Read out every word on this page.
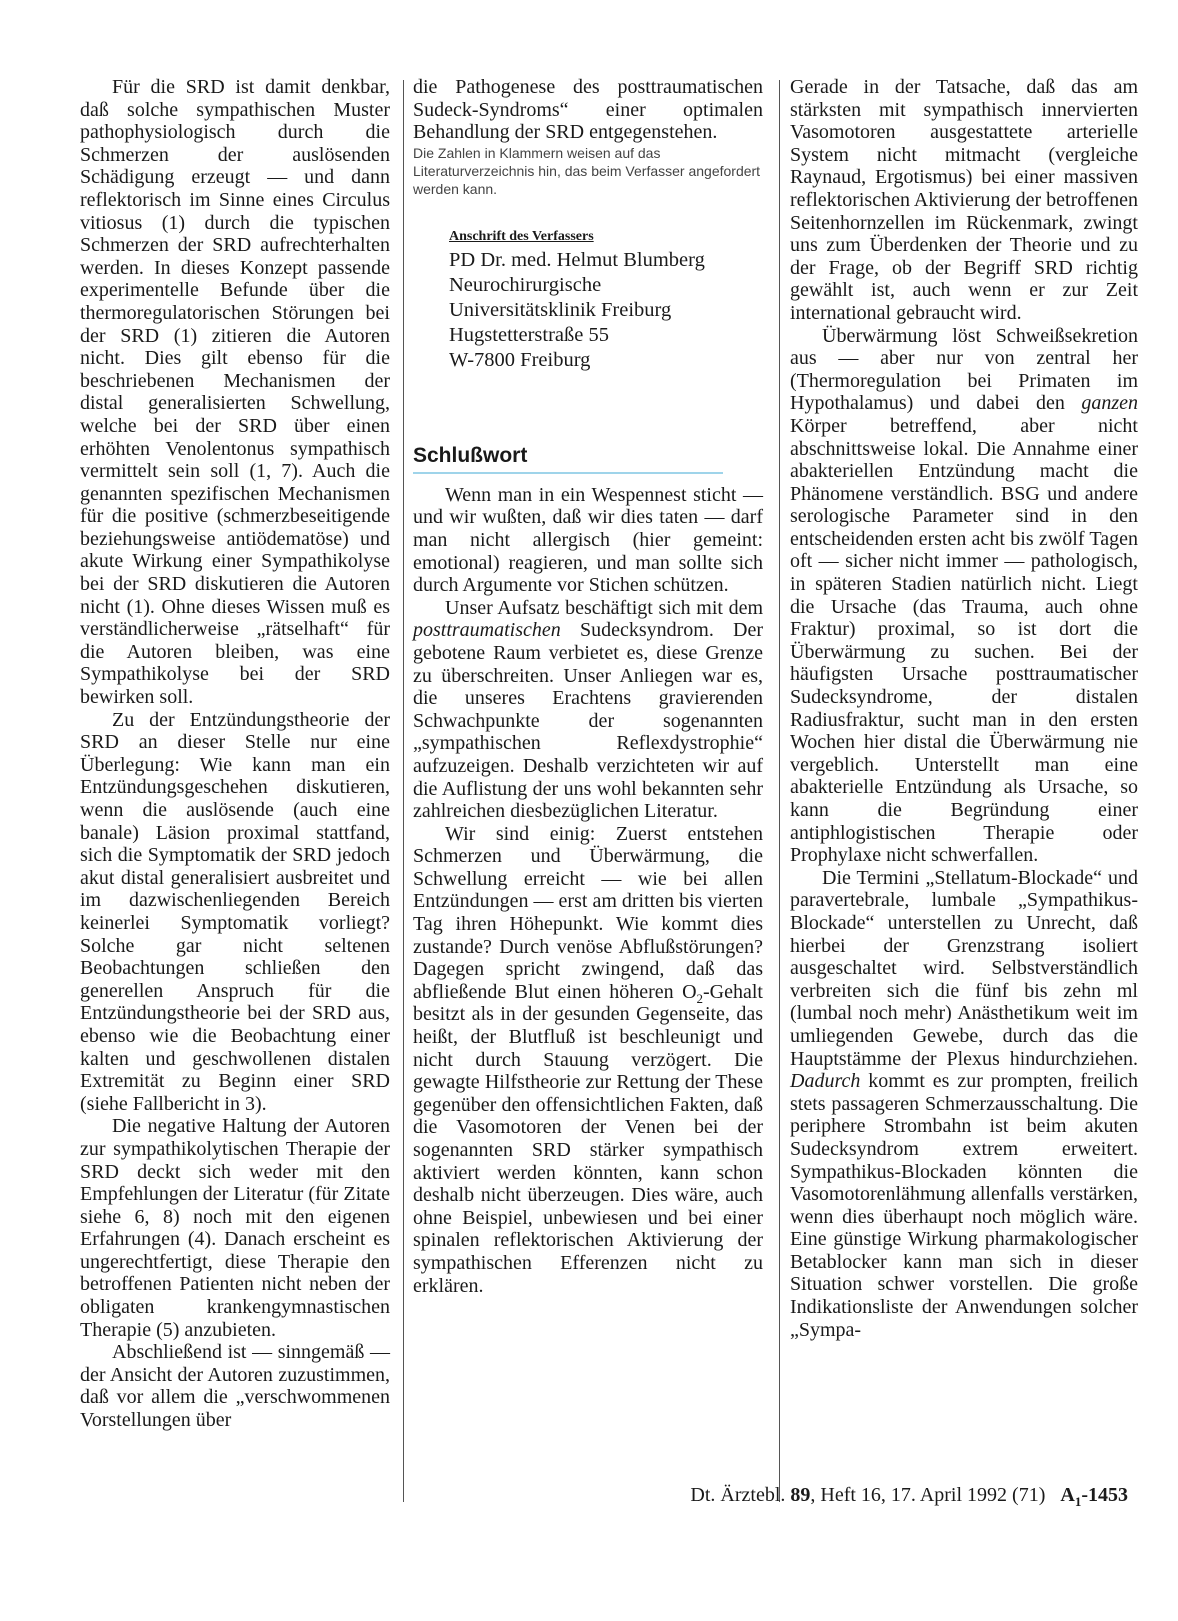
Für die SRD ist damit denkbar, daß solche sympathischen Muster pathophysiologisch durch die Schmerzen der auslösenden Schädigung erzeugt — und dann reflektorisch im Sinne eines Circulus vitiosus (1) durch die typischen Schmerzen der SRD aufrechterhalten werden. In dieses Konzept passende experimentelle Befunde über die thermoregulatorischen Störungen bei der SRD (1) zitieren die Autoren nicht. Dies gilt ebenso für die beschriebenen Mechanismen der distal generalisierten Schwellung, welche bei der SRD über einen erhöhten Venolentonus sympathisch vermittelt sein soll (1, 7). Auch die genannten spezifischen Mechanismen für die positive (schmerzbeseitigende beziehungsweise antiödematöse) und akute Wirkung einer Sympathikolyse bei der SRD diskutieren die Autoren nicht (1). Ohne dieses Wissen muß es verständlicherweise „rätselhaft“ für die Autoren bleiben, was eine Sympathikolyse bei der SRD bewirken soll.

Zu der Entzündungstheorie der SRD an dieser Stelle nur eine Überlegung: Wie kann man ein Entzündungsgeschehen diskutieren, wenn die auslösende (auch eine banale) Läsion proximal stattfand, sich die Symptomatik der SRD jedoch akut distal generalisiert ausbreitet und im dazwischenliegenden Bereich keinerlei Symptomatik vorliegt? Solche gar nicht seltenen Beobachtungen schließen den generellen Anspruch für die Entzündungstheorie bei der SRD aus, ebenso wie die Beobachtung einer kalten und geschwollenen distalen Extremität zu Beginn einer SRD (siehe Fallbericht in 3).

Die negative Haltung der Autoren zur sympathikolytischen Therapie der SRD deckt sich weder mit den Empfehlungen der Literatur (für Zitate siehe 6, 8) noch mit den eigenen Erfahrungen (4). Danach erscheint es ungerechtfertigt, diese Therapie den betroffenen Patienten nicht neben der obligaten krankengymnastischen Therapie (5) anzubieten.

Abschließend ist — sinngemäß — der Ansicht der Autoren zuzustimmen, daß vor allem die „verschwommenen Vorstellungen über

die Pathogenese des posttraumatischen Sudeck-Syndroms“ einer optimalen Behandlung der SRD entgegenstehen.

Die Zahlen in Klammern weisen auf das Literaturverzeichnis hin, das beim Verfasser angefordert werden kann.

Anschrift des Verfassers
PD Dr. med. Helmut Blumberg
Neurochirurgische
Universitätsklinik Freiburg
Hugstetterstraße 55
W-7800 Freiburg
Schlußwort

Wenn man in ein Wespennest sticht — und wir wußten, daß wir dies taten — darf man nicht allergisch (hier gemeint: emotional) reagieren, und man sollte sich durch Argumente vor Stichen schützen.

Unser Aufsatz beschäftigt sich mit dem posttraumatischen Sudecksyndrom. Der gebotene Raum verbietet es, diese Grenze zu überschreiten. Unser Anliegen war es, die unseres Erachtens gravierenden Schwachpunkte der sogenannten „sympathischen Reflexdystrophie“ aufzuzeigen. Deshalb verzichteten wir auf die Auflistung der uns wohl bekannten sehr zahlreichen diesbezüglichen Literatur.

Wir sind einig: Zuerst entstehen Schmerzen und Überwärmung, die Schwellung erreicht — wie bei allen Entzündungen — erst am dritten bis vierten Tag ihren Höhepunkt. Wie kommt dies zustande? Durch venöse Abflußstörungen? Dagegen spricht zwingend, daß das abfließende Blut einen höheren $O_2$-Gehalt besitzt als in der gesunden Gegenseite, das heißt, der Blutfluß ist beschleunigt und nicht durch Stauung verzögert. Die gewagte Hilfstheorie zur Rettung der These gegenüber den offensichtlichen Fakten, daß die Vasomotoren der Venen bei der sogenannten SRD stärker sympathisch aktiviert werden könnten, kann schon deshalb nicht überzeugen. Dies wäre, auch ohne Beispiel, unbewiesen und bei einer spinalen reflektorischen Aktivierung der sympathischen Efferenzen nicht zu erklären.

Gerade in der Tatsache, daß das am stärksten mit sympathisch innervierten Vasomotoren ausgestattete arterielle System nicht mitmacht (vergleiche Raynaud, Ergotismus) bei einer massiven reflektorischen Aktivierung der betroffenen Seitenhornzellen im Rückenmark, zwingt uns zum Überdenken der Theorie und zu der Frage, ob der Begriff SRD richtig gewählt ist, auch wenn er zur Zeit international gebraucht wird.

Überwärmung löst Schweißsekretion aus — aber nur von zentral her (Thermoregulation bei Primaten im Hypothalamus) und dabei den ganzen Körper betreffend, aber nicht abschnittsweise lokal. Die Annahme einer abakteriellen Entzündung macht die Phänomene verständlich. BSG und andere serologische Parameter sind in den entscheidenden ersten acht bis zwölf Tagen oft — sicher nicht immer — pathologisch, in späteren Stadien natürlich nicht. Liegt die Ursache (das Trauma, auch ohne Fraktur) proximal, so ist dort die Überwärmung zu suchen. Bei der häufigsten Ursache posttraumatischer Sudecksyndrome, der distalen Radiusfraktur, sucht man in den ersten Wochen hier distal die Überwärmung nie vergeblich. Unterstellt man eine abakterielle Entzündung als Ursache, so kann die Begründung einer antiphlogistischen Therapie oder Prophylaxe nicht schwerfallen.

Die Termini „Stellatum-Blockade“ und paravertebrale, lumbale „Sympathikus-Blockade“ unterstellen zu Unrecht, daß hierbei der Grenzstrang isoliert ausgeschaltet wird. Selbstverständlich verbreiten sich die fünf bis zehn ml (lumbal noch mehr) Anästhetikum weit im umliegenden Gewebe, durch das die Hauptstämme der Plexus hindurchziehen. Dadurch kommt es zur prompten, freilich stets passageren Schmerzausschaltung. Die periphere Strombahn ist beim akuten Sudecksyndrom extrem erweitert. Sympathikus-Blockaden könnten die Vasomotorenlähmung allenfalls verstärken, wenn dies überhaupt noch möglich wäre. Eine günstige Wirkung pharmakologischer Betablocker kann man sich in dieser Situation schwer vorstellen. Die große Indikationsliste der Anwendungen solcher „Sympa-

Dt. Ärztebl. 89, Heft 16, 17. April 1992 (71) $A_1-1453$
